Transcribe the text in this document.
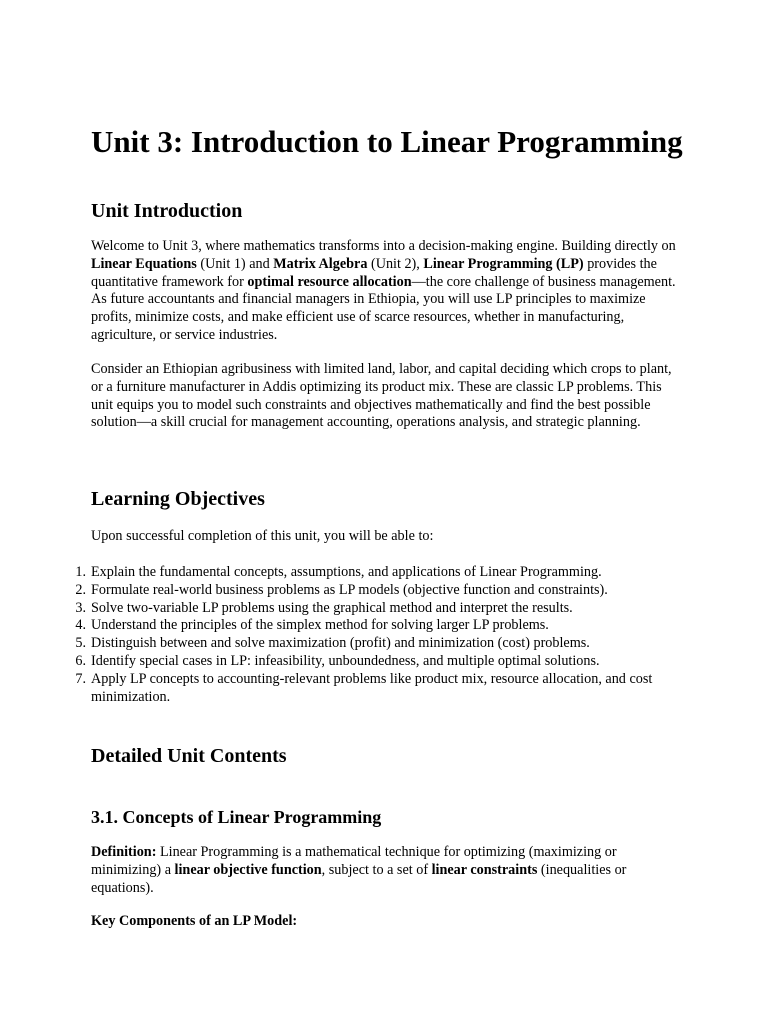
Unit 3: Introduction to Linear Programming
Unit Introduction

Welcome to Unit 3, where mathematics transforms into a decision-making engine. Building directly on Linear Equations (Unit 1) and Matrix Algebra (Unit 2), Linear Programming (LP) provides the quantitative framework for optimal resource allocation—the core challenge of business management. As future accountants and financial managers in Ethiopia, you will use LP principles to maximize profits, minimize costs, and make efficient use of scarce resources, whether in manufacturing, agriculture, or service industries.

Consider an Ethiopian agribusiness with limited land, labor, and capital deciding which crops to plant, or a furniture manufacturer in Addis optimizing its product mix. These are classic LP problems. This unit equips you to model such constraints and objectives mathematically and find the best possible solution—a skill crucial for management accounting, operations analysis, and strategic planning.

Learning Objectives

Upon successful completion of this unit, you will be able to:

1. Explain the fundamental concepts, assumptions, and applications of Linear Programming.
2. Formulate real-world business problems as LP models (objective function and constraints).
3. Solve two-variable LP problems using the graphical method and interpret the results.
4. Understand the principles of the simplex method for solving larger LP problems.
5. Distinguish between and solve maximization (profit) and minimization (cost) problems.
6. Identify special cases in LP: infeasibility, unboundedness, and multiple optimal solutions.
7. Apply LP concepts to accounting-relevant problems like product mix, resource allocation, and cost minimization.
Detailed Unit Contents
3.1. Concepts of Linear Programming

Definition: Linear Programming is a mathematical technique for optimizing (maximizing or minimizing) a linear objective function, subject to a set of linear constraints (inequalities or equations).

Key Components of an LP Model:
